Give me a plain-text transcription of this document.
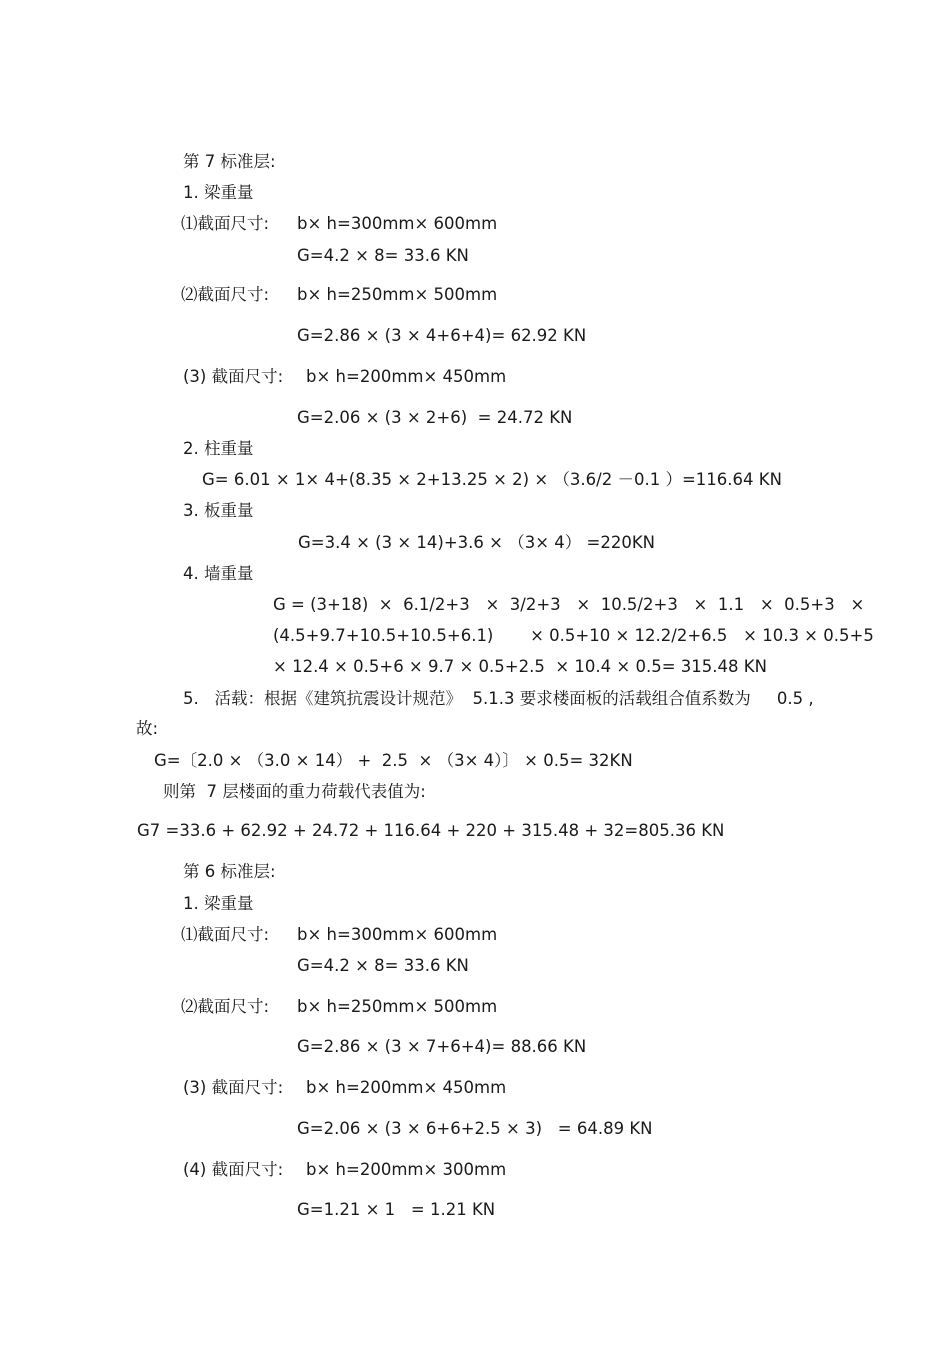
第 7 标准层:

1. 梁重量

⑴截面尺寸: b× h=300mm× 600mm

G=4.2 × 8= 33.6 KN

⑵截面尺寸: b× h=250mm× 500mm

G=2.86 × (3 × 4+6+4)= 62.92 KN

(3) 截面尺寸: b× h=200mm× 450mm

G=2.06 × (3 × 2+6)  = 24.72 KN

2. 柱重量

G= 6.01 × 1× 4+(8.35 × 2+13.25 × 2) × （3.6/2 －0.1 ）=116.64 KN

3. 板重量

G=3.4 × (3 × 14)+3.6 × （3× 4） =220KN

4. 墙重量

G = (3+18)  ×  6.1/2+3   ×  3/2+3   ×  10.5/2+3   ×  1.1   ×  0.5+3   ×

(4.5+9.7+10.5+10.5+6.1)       × 0.5+10 × 12.2/2+6.5   × 10.3 × 0.5+5

× 12.4 × 0.5+6 × 9.7 × 0.5+2.5  × 10.4 × 0.5= 315.48 KN

5.   活载：根据《建筑抗震设计规范》  5.1.3 要求楼面板的活载组合值系数为     0.5 ,

故:

G=〔2.0 × （3.0 × 14） +  2.5  × （3× 4）〕 × 0.5= 32KN

则第  7 层楼面的重力荷载代表值为:

G7 =33.6 + 62.92 + 24.72 + 116.64 + 220 + 315.48 + 32=805.36 KN

第 6 标准层:

1. 梁重量

⑴截面尺寸: b× h=300mm× 600mm

G=4.2 × 8= 33.6 KN

⑵截面尺寸: b× h=250mm× 500mm

G=2.86 × (3 × 7+6+4)= 88.66 KN

(3) 截面尺寸: b× h=200mm× 450mm

G=2.06 × (3 × 6+6+2.5 × 3)   = 64.89 KN

(4) 截面尺寸: b× h=200mm× 300mm

G=1.21 × 1   = 1.21 KN
